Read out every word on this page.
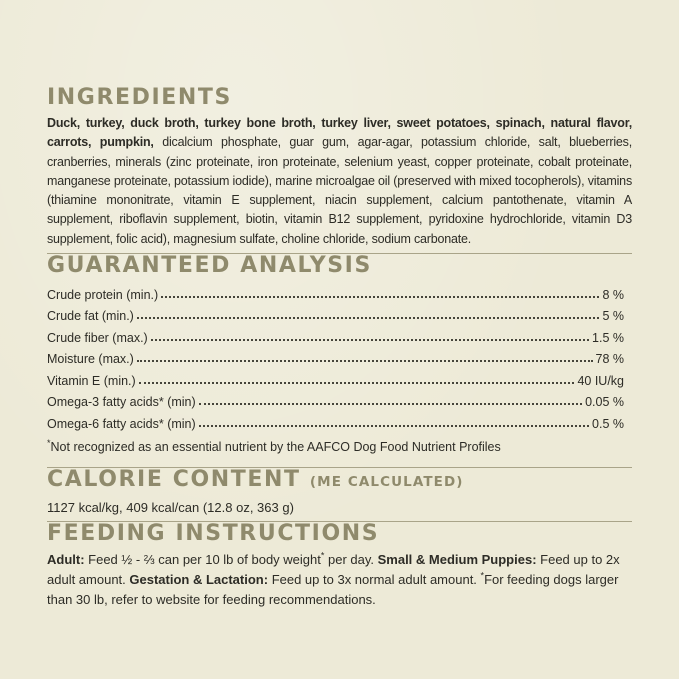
INGREDIENTS

Duck, turkey, duck broth, turkey bone broth, turkey liver, sweet potatoes, spinach, natural flavor, carrots, pumpkin, dicalcium phosphate, guar gum, agar-agar, potassium chloride, salt, blueberries, cranberries, minerals (zinc proteinate, iron proteinate, selenium yeast, copper proteinate, cobalt proteinate, manganese proteinate, potassium iodide), marine microalgae oil (preserved with mixed tocopherols), vitamins (thiamine mononitrate, vitamin E supplement, niacin supplement, calcium pantothenate, vitamin A supplement, riboflavin supplement, biotin, vitamin B12 supplement, pyridoxine hydrochloride, vitamin D3 supplement, folic acid), magnesium sulfate, choline chloride, sodium carbonate.

GUARANTEED ANALYSIS
Crude protein (min.)	8 %
Crude fat (min.)	5 %
Crude fiber (max.)	1.5 %
Moisture (max.)	78 %
Vitamin E (min.)	40 IU/kg
Omega-3 fatty acids* (min)	0.05 %
Omega-6 fatty acids* (min)	0.5 %

*Not recognized as an essential nutrient by the AAFCO Dog Food Nutrient Profiles

CALORIE CONTENT (ME CALCULATED)

1127 kcal/kg, 409 kcal/can (12.8 oz, 363 g)

FEEDING INSTRUCTIONS

Adult: Feed ½ - ⅔ can per 10 lb of body weight* per day. Small & Medium Puppies: Feed up to 2x adult amount. Gestation & Lactation: Feed up to 3x normal adult amount. *For feeding dogs larger than 30 lb, refer to website for feeding recommendations.
